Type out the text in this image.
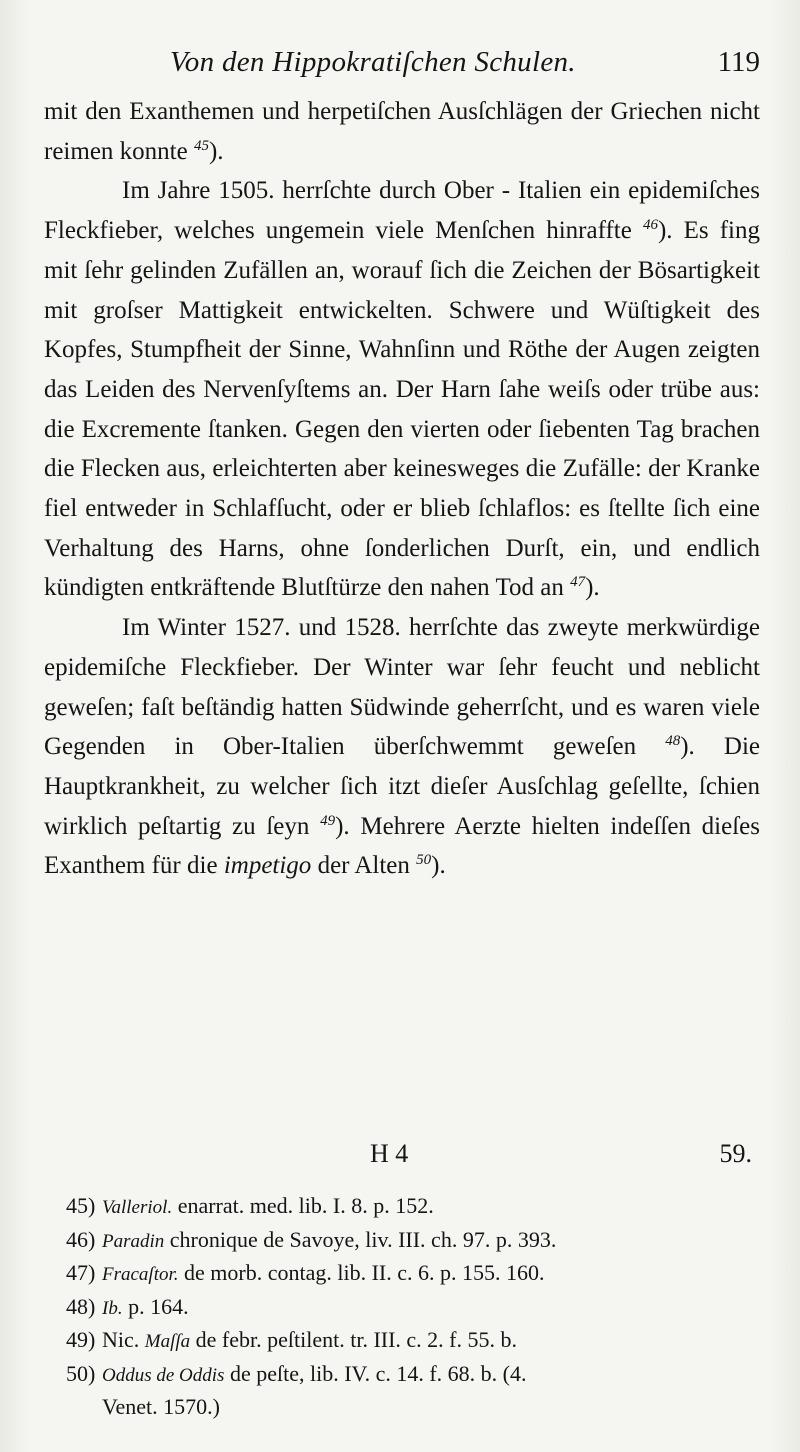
Von den Hippokratiſchen Schulen.	119

mit den Exanthemen und herpetiſchen Ausſchlägen der Griechen nicht reimen konnte $^{45}$).

Im Jahre 1505. herrſchte durch Ober - Italien ein epidemiſches Fleckfieber, welches ungemein viele Menſchen hinraffte $^{46}$). Es fing mit ſehr gelinden Zufällen an, worauf ſich die Zeichen der Bösartigkeit mit groſser Mattigkeit entwickelten. Schwere und Wüſtigkeit des Kopfes, Stumpfheit der Sinne, Wahnſinn und Röthe der Augen zeigten das Leiden des Nervenſyſtems an. Der Harn ſahe weiſs oder trübe aus: die Excremente ſtanken. Gegen den vierten oder ſiebenten Tag brachen die Flecken aus, erleichterten aber keinesweges die Zufälle: der Kranke fiel entweder in Schlafſucht, oder er blieb ſchlaflos: es ſtellte ſich eine Verhaltung des Harns, ohne ſonderlichen Durſt, ein, und endlich kündigten entkräftende Blutſtürze den nahen Tod an $^{47}$).

Im Winter 1527. und 1528. herrſchte das zweyte merkwürdige epidemiſche Fleckfieber. Der Winter war ſehr feucht und neblicht geweſen; faſt beſtändig hatten Südwinde geherrſcht, und es waren viele Gegenden in Ober-Italien überſchwemmt geweſen $^{48}$). Die Hauptkrankheit, zu welcher ſich itzt dieſer Ausſchlag geſellte, ſchien wirklich peſtartig zu ſeyn $^{49}$). Mehrere Aerzte hielten indeſſen dieſes Exanthem für die impetigo der Alten $^{50}$).

H 4	59.
45) Valleriol. enarrat. med. lib. I. 8. p. 152.
46) Paradin chronique de Savoye, liv. III. ch. 97. p. 393.
47) Fracaſtor. de morb. contag. lib. II. c. 6. p. 155. 160.
48) Ib. p. 164.
49) Nic. Maſſa de febr. peſtilent. tr. III. c. 2. f. 55. b.
50) Oddus de Oddis de peſte, lib. IV. c. 14. f. 68. b. (4.
Venet. 1570.)
